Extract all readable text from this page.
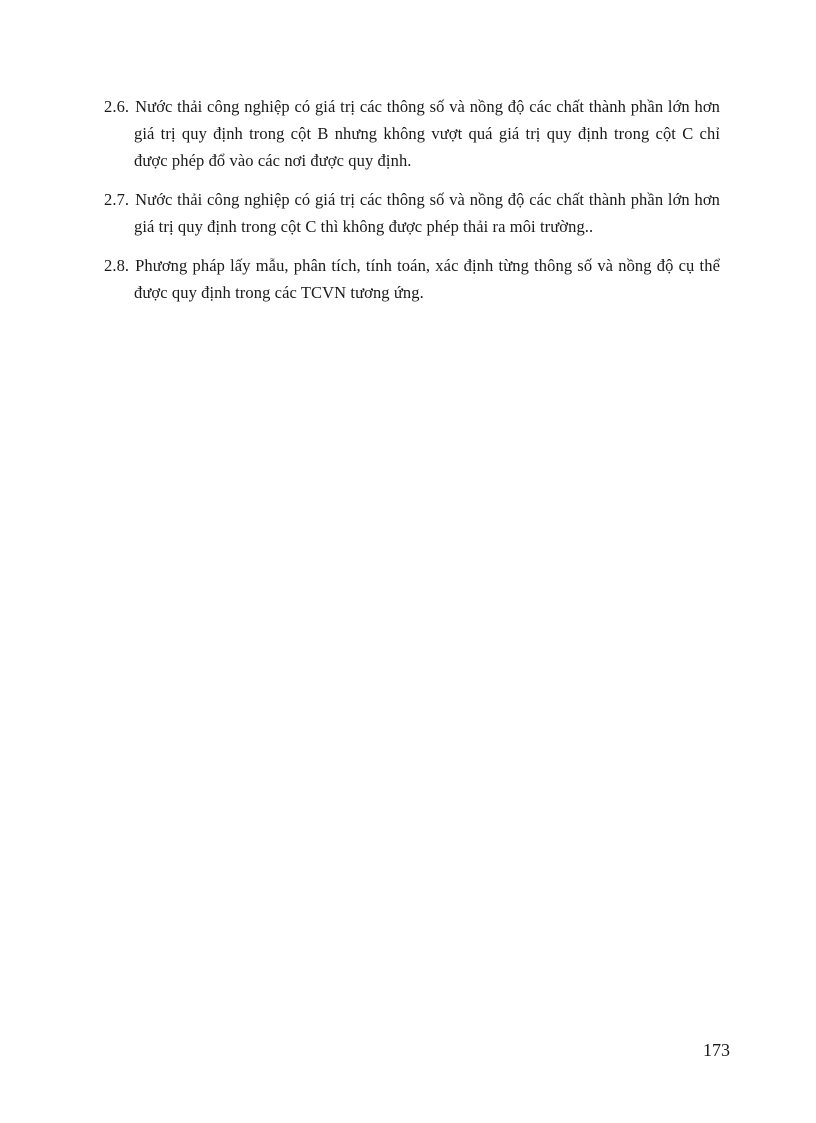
2.6. Nước thải công nghiệp có giá trị các thông số và nồng độ các chất thành phần lớn hơn giá trị quy định trong cột B nhưng không vượt quá giá trị quy định trong cột C chỉ được phép đổ vào các nơi được quy định.

2.7. Nước thải công nghiệp có giá trị các thông số và nồng độ các chất thành phần lớn hơn giá trị quy định trong cột C thì không được phép thải ra môi trường..

2.8. Phương pháp lấy mẫu, phân tích, tính toán, xác định từng thông số và nồng độ cụ thể được quy định trong các TCVN tương ứng.

173
